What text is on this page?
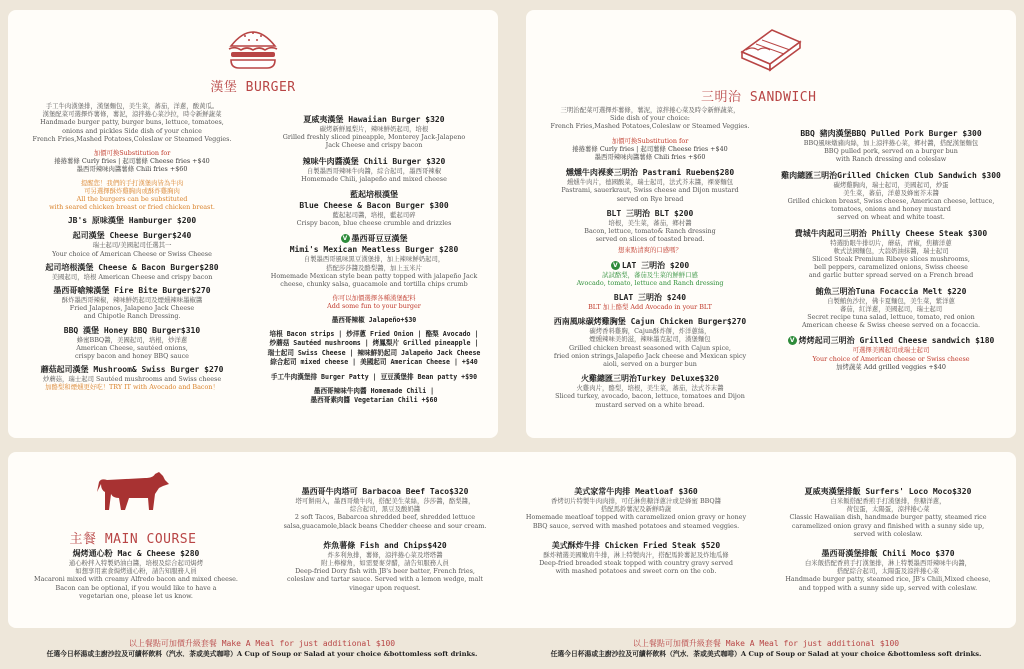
漢堡 BURGER
手工牛肉漢堡排，漢堡麵包，美生菜，蕃茄，洋蔥，酸黃瓜。
漢堡配菜可選擇炸薯條，薯泥，涼拌捲心菜沙拉，時令新鮮蔬菜
Handmade burger patty, burger buns, lettuce, tomatoes,
onions and pickles Side dish of your choice
French Fries,Mashed Potatoes,Coleslaw or Steamed Veggies.
加價可換Substitution for
捲捲薯條 Curly fries | 起司薯條 Cheese fries +$40
墨西哥辣味肉醬薯條 Chili fries +$60
提醒您！我們的手打漢堡肉皆為牛肉
可另選擇酥炸雞胸肉或酥炸雞胸肉
All the burgers can be substituted
with seared chicken breast or fried chicken breast.
JB's 原味漢堡 Hamburger $200
起司漢堡 Cheese Burger$240
瑞士起司/美國起司任選其一
Your choice of American Cheese or Swiss Cheese
起司培根漢堡 Cheese & Bacon Burger$280
美國起司，培根 American Cheese and crispy bacon
墨西哥嗆辣漢堡 Fire Bite Burger$270
酥炸墨西哥辣椒，辣味鮮奶起司及煙燻辣味墨椒醬
Fried Jalapenos, Jalapeno Jack Cheese
and Chipotle Ranch Dressing.
BBQ 漢堡 Honey BBQ Burger$310
蜂蜜BBQ醬，美國起司，培根，炒洋蔥
American Cheese, sautéed onions,
crispy bacon and honey BBQ sauce
蘑菇起司漢堡 Mushroom& Swiss Burger $270
炒蘑菇，瑞士起司 Sautéed mushrooms and Swiss cheese
加酪梨和煙燻更好吃！TRY IT with Avocado and Bacon！
夏威夷漢堡 Hawaiian Burger $320
碳烤新鮮鳳梨片，辣味鮮奶起司，培根
Grilled freshly sliced pineapple, Monterey Jack-Jalapeno
Jack Cheese and crispy bacon
辣味牛肉醬漢堡 Chili Burger $320
自製墨西哥辣味牛肉醬，綜合起司，墨西哥辣椒
Homemade Chili, jalapeño and mixed cheese
藍起培根漢堡
Blue Cheese & Bacon Burger $300
藍起起司醬，培根，藍起司碎
Crispy bacon, blue cheese crumble and drizzles
V 墨西哥豆豆漢堡
Mimi's Mexican Meatless Burger $280
自製墨西哥風味黑豆漢堡排，加上辣味鮮奶起司，
搭配莎莎醬及酪梨醬，加上玉米片
Homemade Mexican style bean patty topped with jalapeño Jack
cheese, chunky salsa, guacamole and tortilla chips crumb
你可以加價選擇各種漢堡配料
Add some fun to your burger
墨西哥辣椒 Jalapeño+$30
培根 Bacon strips | 炒洋蔥 Fried Onion | 酪梨 Avocado |
炒蘑菇 Sautéed mushrooms | 烤鳳梨片 Grilled pineapple |
瑞士起司 Swiss Cheese | 辣味鮮奶起司 Jalapeño Jack Cheese
綜合起司 mixed cheese | 美國起司 American Cheese | +$40
手工牛肉漢堡排 Burger Patty | 豆豆漢堡排 Bean patty +$90
墨西哥辣味牛肉醬 Homemade Chili |
墨西哥素肉醬 Vegetarian Chili +$60
三明治 SANDWICH
三明治配菜可選擇炸薯條，薯泥，涼拌捲心菜及時令新鮮蔬菜，
Side dish of your choice:
French Fries,Mashed Potatoes,Coleslaw or Steamed Veggies.
加價可換Substitution for
捲捲薯條 Curly fries | 起司薯條 Cheese fries +$40
墨西哥辣味肉醬薯條 Chili fries +$60
燻燻牛肉裸麥三明治 Pastrami Rueben$280
燻燻牛肉片，德國酸菜，瑞士起司，法式芥末醬，裸麥麵包
Pastrami, sauerkraut, Swiss cheese and Dijon mustard
served on Rye bread
BLT 三明治 BLT $200
培根，美生菜，蕃茄，鄉村醬
Bacon, lettuce, tomato& Ranch dressing
served on slices of toasted bread.
想來點清爽的口感嗎？
V LAT 三明治 $200
試試酪梨，蕃茄及生菜的鮮鮮口感
Avocado, tomato, lettuce and Ranch dressing
BLAT 三明治 $240
BLT 加上酪梨 Add Avocado in your BLT
西南風味碳烤雞胸堡 Cajun Chicken Burger$270
碳烤香料雞胸，Cajun酥炸餅，炸洋蔥絲，
煙燻辣味美奶滋，辣味墨克起司，漢堡麵包
Grilled chicken breast seasoned with Cajun spice,
fried onion strings,Jalapeño Jack cheese and Mexican spicy
aioli, served on a burger bun
火雞總匯三明治Turkey Deluxe$320
火雞肉片，酪梨，培根，美生菜，蕃茄，法式芥末醬
Sliced turkey, avocado, bacon, lettuce, tomatoes and Dijon
mustard served on a white bread.
BBQ 豬肉漢堡BBQ Pulled Pork Burger $300
BBQ風味燉豬肉絲，加上涼拌捲心菜，鄉村醬，搭配漢堡麵包
BBQ pulled pork, served on a burger bun
with Ranch dressing and coleslaw
雞肉總匯三明治Grilled Chicken Club Sandwich $300
碳烤雞胸肉，瑞士起司，美國起司，炒蛋
美生菜，蕃茄，洋蔥及蜂蜜芥末醬
Grilled chicken breast, Swiss cheese, American cheese, lettuce,
tomatoes, onions and honey mustard
served on wheat and white toast.
費城牛肉起司三明治 Philly Cheese Steak $300
特選肋眼牛排切片，蘑菇，青椒，焦糖洋蔥
軟式法國麵包，大蒜奶油抹醬，瑞士起司
Sliced Steak Premium Ribeye slices mushrooms,
bell peppers, caramelized onions, Swiss cheese
and garlic butter spread served on a French bread
鮪魚三明治Tuna Focaccia Melt $220
自製鮪魚沙拉，佛卡夏麵包，美生菜，紫洋蔥
蕃茄，紅洋蔥，美國起司，瑞士起司
Secret recipe tuna salad, lettuce, tomato, red onion
American cheese & Swiss cheese served on a focaccia.
V 烤烤起司三明治 Grilled Cheese sandwich $180
可選擇美國起司或瑞士起司
Your choice of American cheese or Swiss cheese
加烤蔬菜 Add grilled veggies +$40
主餐 MAIN COURSE
焗烤通心粉 Mac & Cheese $280
通心粉拌入特製奶油白醬，培根及綜合起司焗烤
如想享用素食焗烤通心粉，請告知服務人員
Macaroni mixed with creamy Alfredo bacon and mixed cheese.
Bacon can be optional, if you would like to have a
vegetarian one, please let us know.
墨西哥牛肉塔可 Barbacoa Beef Taco$320
塔可餅兩入，墨西哥燉牛肉，搭配美生菜絲，莎莎醬，酪梨醬，
綜合起司，黑豆及酸奶醬
2 soft Tacos, Babarcoa shredded beef, shredded lettuce
salsa,guacamole,black beans Chedder cheese and sour cream.
炸魚薯條 Fish and Chips$420
炸多利魚排，薯條，涼拌捲心菜及塔塔醬
附上檸檬角，如需要麥芽醋，請告知服務人員
Deep-fried Dory fish with JB's beer batter, French fries,
coleslaw and tartar sauce. Served with a lemon wedge, malt
vinegar upon request.
美式家常牛肉排 Meatloaf $360
香烤切片特製牛肉肉排，可任淋焦糖洋蔥汁或是蜂蜜 BBQ醬
搭配馬鈴薯泥及新鮮時蔬
Homemade meatloaf topped with caramelized onion gravy or honey
BBQ sauce, served with mashed potatoes and steamed veggies.
美式酥炸牛排 Chicken Fried Steak $520
酥炸精選美國嫩肩牛排，淋上特製肉汁，搭配馬鈴薯泥及炸地瓜條
Deep-fried breaded steak topped with country gravy served
with mashed potatoes and sweet corn on the cob.
夏威夷漢堡排飯 Surfers' Loco Moco$320
白米飯搭配香煎手打漢堡排，焦糖洋蔥，
荷包蛋，太陽蛋，涼拌捲心菜
Classic Hawaiian dish, handmade burger patty, steamed rice
caramelized onion gravy and finished with a sunny side up,
served with coleslaw.
墨西哥漢堡排飯 Chili Moco $370
白米飯搭配香煎手打漢堡排，淋上特製墨西哥辣味牛肉醬，
搭配綜合起司，太陽蛋及涼拌捲心菜
Handmade burger patty, steamed rice, JB's Chili,Mixed cheese,
and topped with a sunny side up, served with coleslaw.
以上餐點可加價升級套餐 Make A Meal for just additional $100
任選今日杯湯或主廚沙拉及可續杯飲料（汽水．茶或美式咖啡）A Cup of Soup or Salad at your choice &bottomless soft drinks.
以上餐點可加價升級套餐 Make A Meal for just additional $100
任選今日杯湯或主廚沙拉及可續杯飲料（汽水．茶或美式咖啡）A Cup of Soup or Salad at your choice &bottomless soft drinks.
